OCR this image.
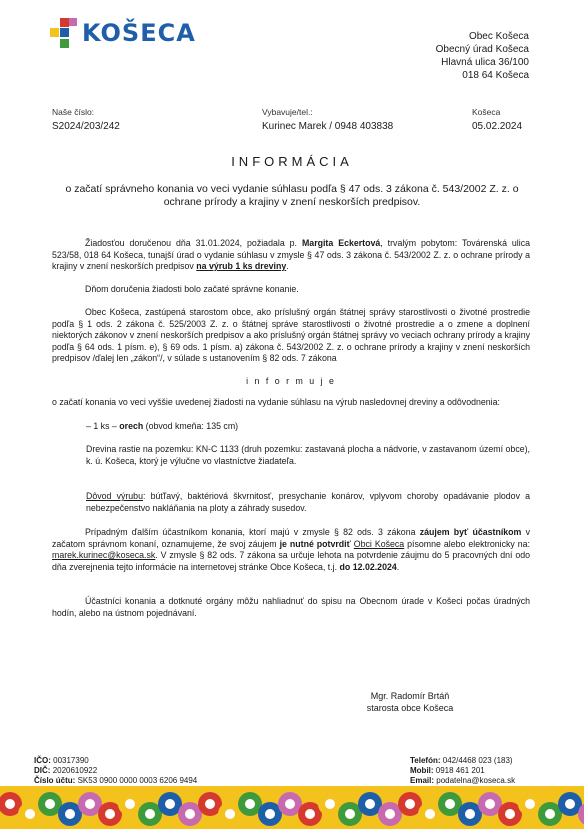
KOŠECA	Obec Košeca
Obecný úrad Košeca
Hlavná ulica 36/100
018 64 Košeca
Naše číslo:
S2024/203/242
Vybavuje/tel.:
Kurinec Marek / 0948 403838
Košeca
05.02.2024
INFORMÁCIA
o začatí správneho konania vo veci vydanie súhlasu podľa § 47 ods. 3 zákona č. 543/2002 Z. z. o ochrane prírody a krajiny v znení neskorších predpisov.
Žiadosťou doručenou dňa 31.01.2024, požiadala p. Margita Eckertová, trvalým pobytom: Továrenská ulica 523/58, 018 64 Košeca, tunajší úrad o vydanie súhlasu v zmysle § 47 ods. 3 zákona č. 543/2002 Z. z. o ochrane prírody a krajiny v znení neskorších predpisov na výrub 1 ks dreviny.
Dňom doručenia žiadosti bolo začaté správne konanie.
Obec Košeca, zastúpená starostom obce, ako príslušný orgán štátnej správy starostlivosti o životné prostredie podľa § 1 ods. 2 zákona č. 525/2003 Z. z. o štátnej správe starostlivosti o životné prostredie a o zmene a doplnení niektorých zákonov v znení neskorších predpisov a ako príslušný orgán štátnej správy vo veciach ochrany prírody a krajiny podľa § 64 ods. 1 písm. e), § 69 ods. 1 písm. a) zákona č. 543/2002 Z. z. o ochrane prírody a krajiny v znení neskorších predpisov /ďalej len „zákon“/, v súlade s ustanovením § 82 ods. 7 zákona
i n f o r m u j e
o začatí konania vo veci vyššie uvedenej žiadosti na vydanie súhlasu na výrub nasledovnej dreviny a odôvodnenia:
– 1 ks – orech (obvod kmeňa: 135 cm)
Drevina rastie na pozemku: KN-C 1133 (druh pozemku: zastavaná plocha a nádvorie, v zastavanom území obce), k. ú. Košeca, ktorý je výlučne vo vlastníctve žiadateľa.
Dôvod výrubu: búťľavý, baktériová škvrnitosť, presychanie konárov, vplyvom choroby opadávanie plodov a nebezpečenstvo nakláňania na ploty a záhrady susedov.
Prípadným ďalším účastníkom konania, ktorí majú v zmysle § 82 ods. 3 zákona záujem byť účastníkom v začatom správnom konaní, oznamujeme, že svoj záujem je nutné potvrdiť Obci Košeca písomne alebo elektronicky na: marek.kurinec@koseca.sk. V zmysle § 82 ods. 7 zákona sa určuje lehota na potvrdenie záujmu do 5 pracovných dní odo dňa zverejnenia tejto informácie na internetovej stránke Obce Košeca, t.j. do 12.02.2024.
Účastníci konania a dotknuté orgány môžu nahliadnuť do spisu na Obecnom úrade v Košeci počas úradných hodín, alebo na ústnom pojednávaní.
Mgr. Radomír Brtáň
starosta obce Košeca
IČO: 00317390
DIČ: 2020610922
Číslo účtu: SK53 0900 0000 0003 6206 9494
Telefón: 042/4468 023 (183)
Mobil: 0918 461 201
Email: podatelna@koseca.sk
